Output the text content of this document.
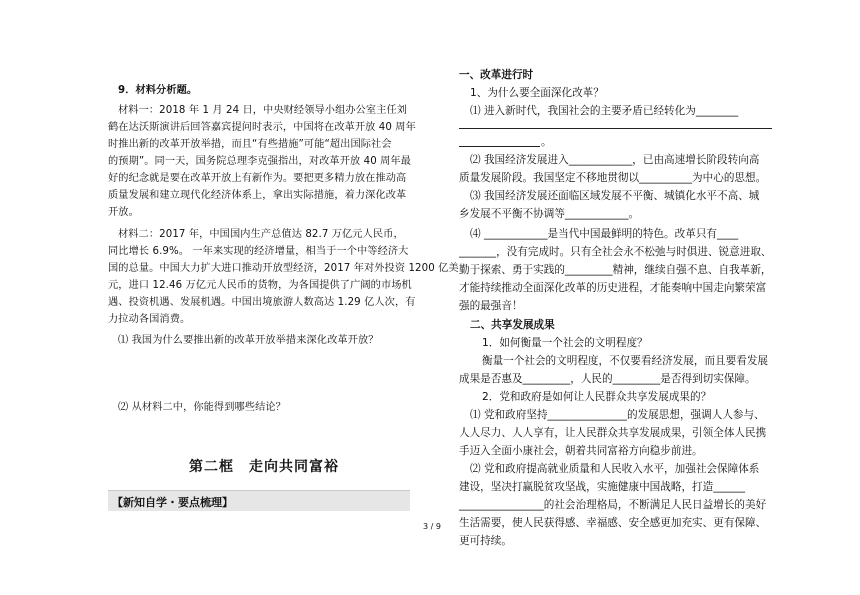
9．材料分析题。
材料一：2018 年 1 月 24 日，中央财经领导小组办公室主任刘
鹤在达沃斯演讲后回答嘉宾提问时表示，中国将在改革开放 40 周年
时推出新的改革开放举措，而且“有些措施”可能“超出国际社会
的预期”。同一天，国务院总理李克强指出，对改革开放 40 周年最
好的纪念就是要在改革开放上有新作为。要把更多精力放在推动高
质量发展和建立现代化经济体系上，拿出实际措施，着力深化改革
开放。
材料二：2017 年，中国国内生产总值达 82.7 万亿元人民币，
同比增长 6.9%。 一年来实现的经济增量，相当于一个中等经济大
国的总量。中国大力扩大进口推动开放型经济，2017 年对外投资 1200 亿美
元，进口 12.46 万亿元人民币的货物，为各国提供了广阔的市场机
遇、投资机遇、发展机遇。中国出境旅游人数高达 1.29 亿人次，有
力拉动各国消费。
⑴ 我国为什么要推出新的改革开放举措来深化改革开放？
⑵ 从材料二中，你能得到哪些结论？
第二框　走向共同富裕
【新知自学・要点梳理】
一、改革进行时
1、为什么要全面深化改革？
⑴ 进入新时代，我国社会的主要矛盾已经转化为________
。
⑵ 我国经济发展进入____________，已由高速增长阶段转向高
质量发展阶段。我国坚定不移地贯彻以__________为中心的思想。
⑶ 我国经济发展还面临区域发展不平衡、城镇化水平不高、城
乡发展不平衡不协调等____________。
⑷ ____________是当代中国最鲜明的特色。改革只有____
_______，没有完成时。只有全社会永不松弛与时俱进、锐意进取、
勤于探索、勇于实践的_________精神，继续自强不息、自我革新，
才能持续推动全面深化改革的历史进程，才能奏响中国走向繁荣富
强的最强音！
二、共享发展成果
1．如何衡量一个社会的文明程度？
衡量一个社会的文明程度，不仅要看经济发展，而且要看发展
成果是否惠及_________，人民的_________是否得到切实保障。
2．党和政府是如何让人民群众共享发展成果的？
⑴ 党和政府坚持_______________的发展思想，强调人人参与、
人人尽力、人人享有，让人民群众共享发展成果，引领全体人民携
手迈入全面小康社会，朝着共同富裕方向稳步前进。
⑵ 党和政府提高就业质量和人民收入水平，加强社会保障体系
建设，坚决打赢脱贫攻坚战，实施健康中国战略，打造______
________________的社会治理格局，不断满足人民日益增长的美好
生活需要，使人民获得感、幸福感、安全感更加充实、更有保障、
更可持续。
3 / 9
